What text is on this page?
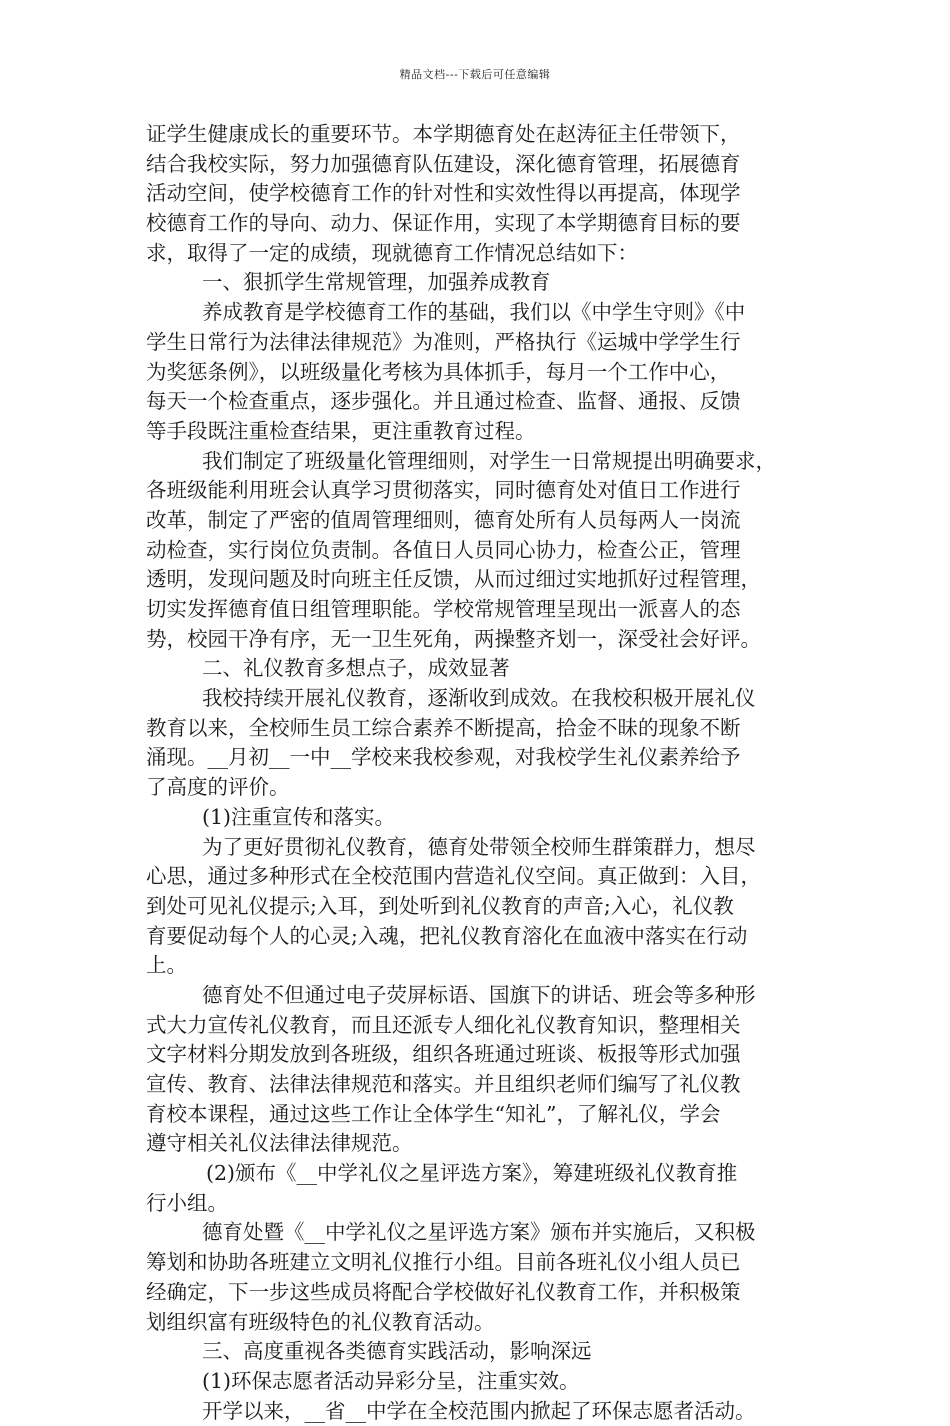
精品文档---下载后可任意编辑
证学生健康成长的重要环节。本学期德育处在赵涛征主任带领下，
结合我校实际，努力加强德育队伍建设，深化德育管理，拓展德育
活动空间，使学校德育工作的针对性和实效性得以再提高，体现学
校德育工作的导向、动力、保证作用，实现了本学期德育目标的要
求，取得了一定的成绩，现就德育工作情况总结如下：
一、狠抓学生常规管理，加强养成教育
养成教育是学校德育工作的基础，我们以《中学生守则》《中
学生日常行为法律法律规范》为准则，严格执行《运城中学学生行
为奖惩条例》，以班级量化考核为具体抓手，每月一个工作中心，
每天一个检查重点，逐步强化。并且通过检查、监督、通报、反馈
等手段既注重检查结果，更注重教育过程。
我们制定了班级量化管理细则，对学生一日常规提出明确要求，
各班级能利用班会认真学习贯彻落实，同时德育处对值日工作进行
改革，制定了严密的值周管理细则，德育处所有人员每两人一岗流
动检查，实行岗位负责制。各值日人员同心协力，检查公正，管理
透明，发现问题及时向班主任反馈，从而过细过实地抓好过程管理，
切实发挥德育值日组管理职能。学校常规管理呈现出一派喜人的态
势，校园干净有序，无一卫生死角，两操整齐划一，深受社会好评。
二、礼仪教育多想点子，成效显著
我校持续开展礼仪教育，逐渐收到成效。在我校积极开展礼仪
教育以来，全校师生员工综合素养不断提高，拾金不昧的现象不断
涌现。__月初__一中__学校来我校参观，对我校学生礼仪素养给予
了高度的评价。
(1)注重宣传和落实。
为了更好贯彻礼仪教育，德育处带领全校师生群策群力，想尽
心思，通过多种形式在全校范围内营造礼仪空间。真正做到：入目，
到处可见礼仪提示;入耳，到处听到礼仪教育的声音;入心，礼仪教
育要促动每个人的心灵;入魂，把礼仪教育溶化在血液中落实在行动
上。
德育处不但通过电子荧屏标语、国旗下的讲话、班会等多种形
式大力宣传礼仪教育，而且还派专人细化礼仪教育知识，整理相关
文字材料分期发放到各班级，组织各班通过班谈、板报等形式加强
宣传、教育、法律法律规范和落实。并且组织老师们编写了礼仪教
育校本课程，通过这些工作让全体学生“知礼”，了解礼仪，学会
遵守相关礼仪法律法律规范。
(2)颁布《__中学礼仪之星评选方案》，筹建班级礼仪教育推
行小组。
德育处暨《__中学礼仪之星评选方案》颁布并实施后，又积极
筹划和协助各班建立文明礼仪推行小组。目前各班礼仪小组人员已
经确定，下一步这些成员将配合学校做好礼仪教育工作，并积极策
划组织富有班级特色的礼仪教育活动。
三、高度重视各类德育实践活动，影响深远
(1)环保志愿者活动异彩分呈，注重实效。
开学以来，__省__中学在全校范围内掀起了环保志愿者活动。
